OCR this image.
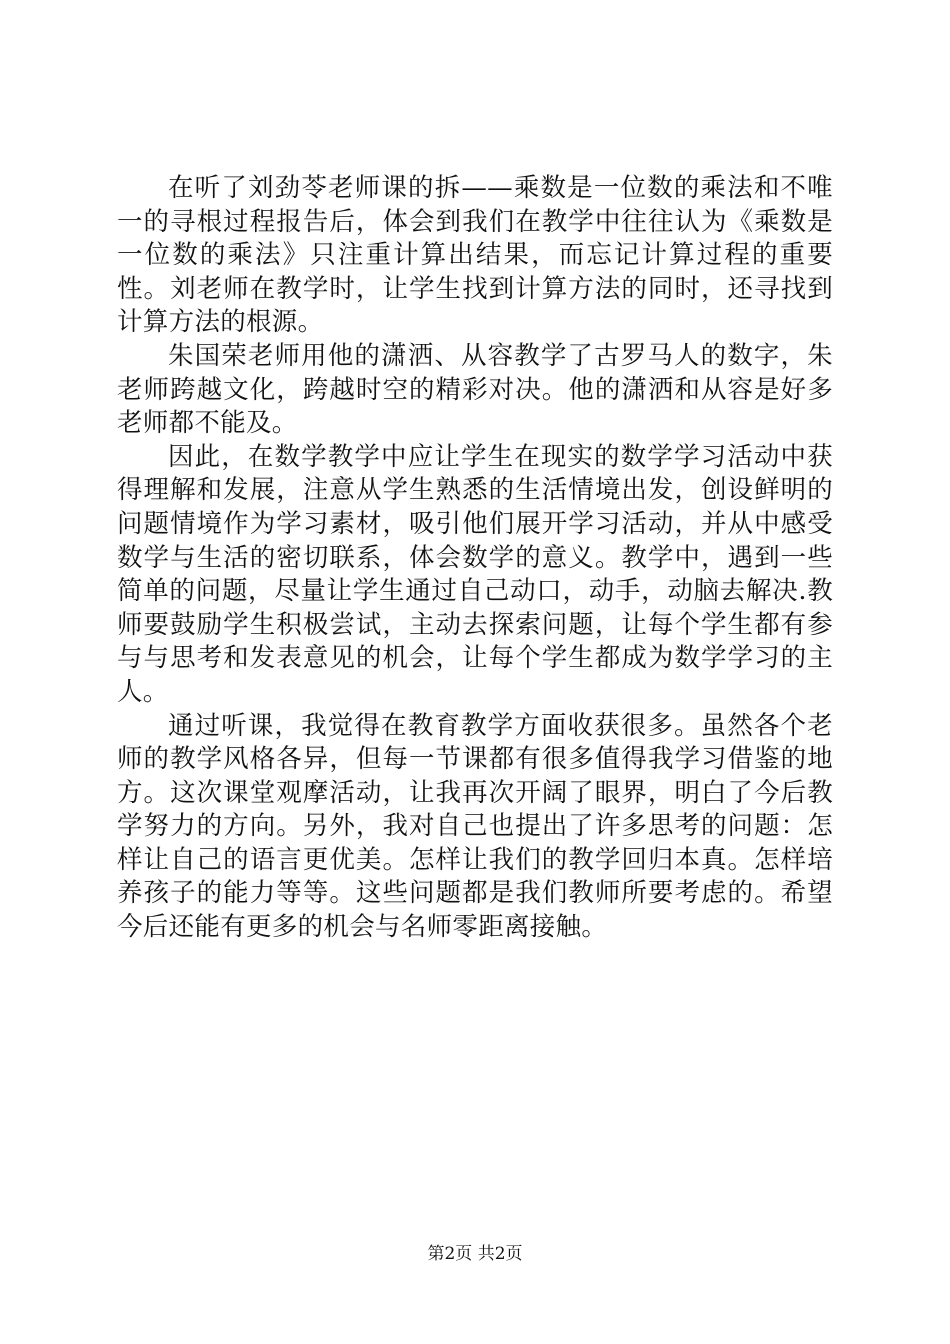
在听了刘劲苓老师课的拆——乘数是一位数的乘法和不唯一的寻根过程报告后，体会到我们在教学中往往认为《乘数是一位数的乘法》只注重计算出结果，而忘记计算过程的重要性。刘老师在教学时，让学生找到计算方法的同时，还寻找到计算方法的根源。

朱国荣老师用他的潇洒、从容教学了古罗马人的数字，朱老师跨越文化，跨越时空的精彩对决。他的潇洒和从容是好多老师都不能及。

因此，在数学教学中应让学生在现实的数学学习活动中获得理解和发展，注意从学生熟悉的生活情境出发，创设鲜明的问题情境作为学习素材，吸引他们展开学习活动，并从中感受数学与生活的密切联系，体会数学的意义。教学中，遇到一些简单的问题，尽量让学生通过自己动口，动手，动脑去解决.教师要鼓励学生积极尝试，主动去探索问题，让每个学生都有参与与思考和发表意见的机会，让每个学生都成为数学学习的主人。

通过听课，我觉得在教育教学方面收获很多。虽然各个老师的教学风格各异，但每一节课都有很多值得我学习借鉴的地方。这次课堂观摩活动，让我再次开阔了眼界，明白了今后教学努力的方向。另外，我对自己也提出了许多思考的问题：怎样让自己的语言更优美。怎样让我们的教学回归本真。怎样培养孩子的能力等等。这些问题都是我们教师所要考虑的。希望今后还能有更多的机会与名师零距离接触。

第2页 共2页
